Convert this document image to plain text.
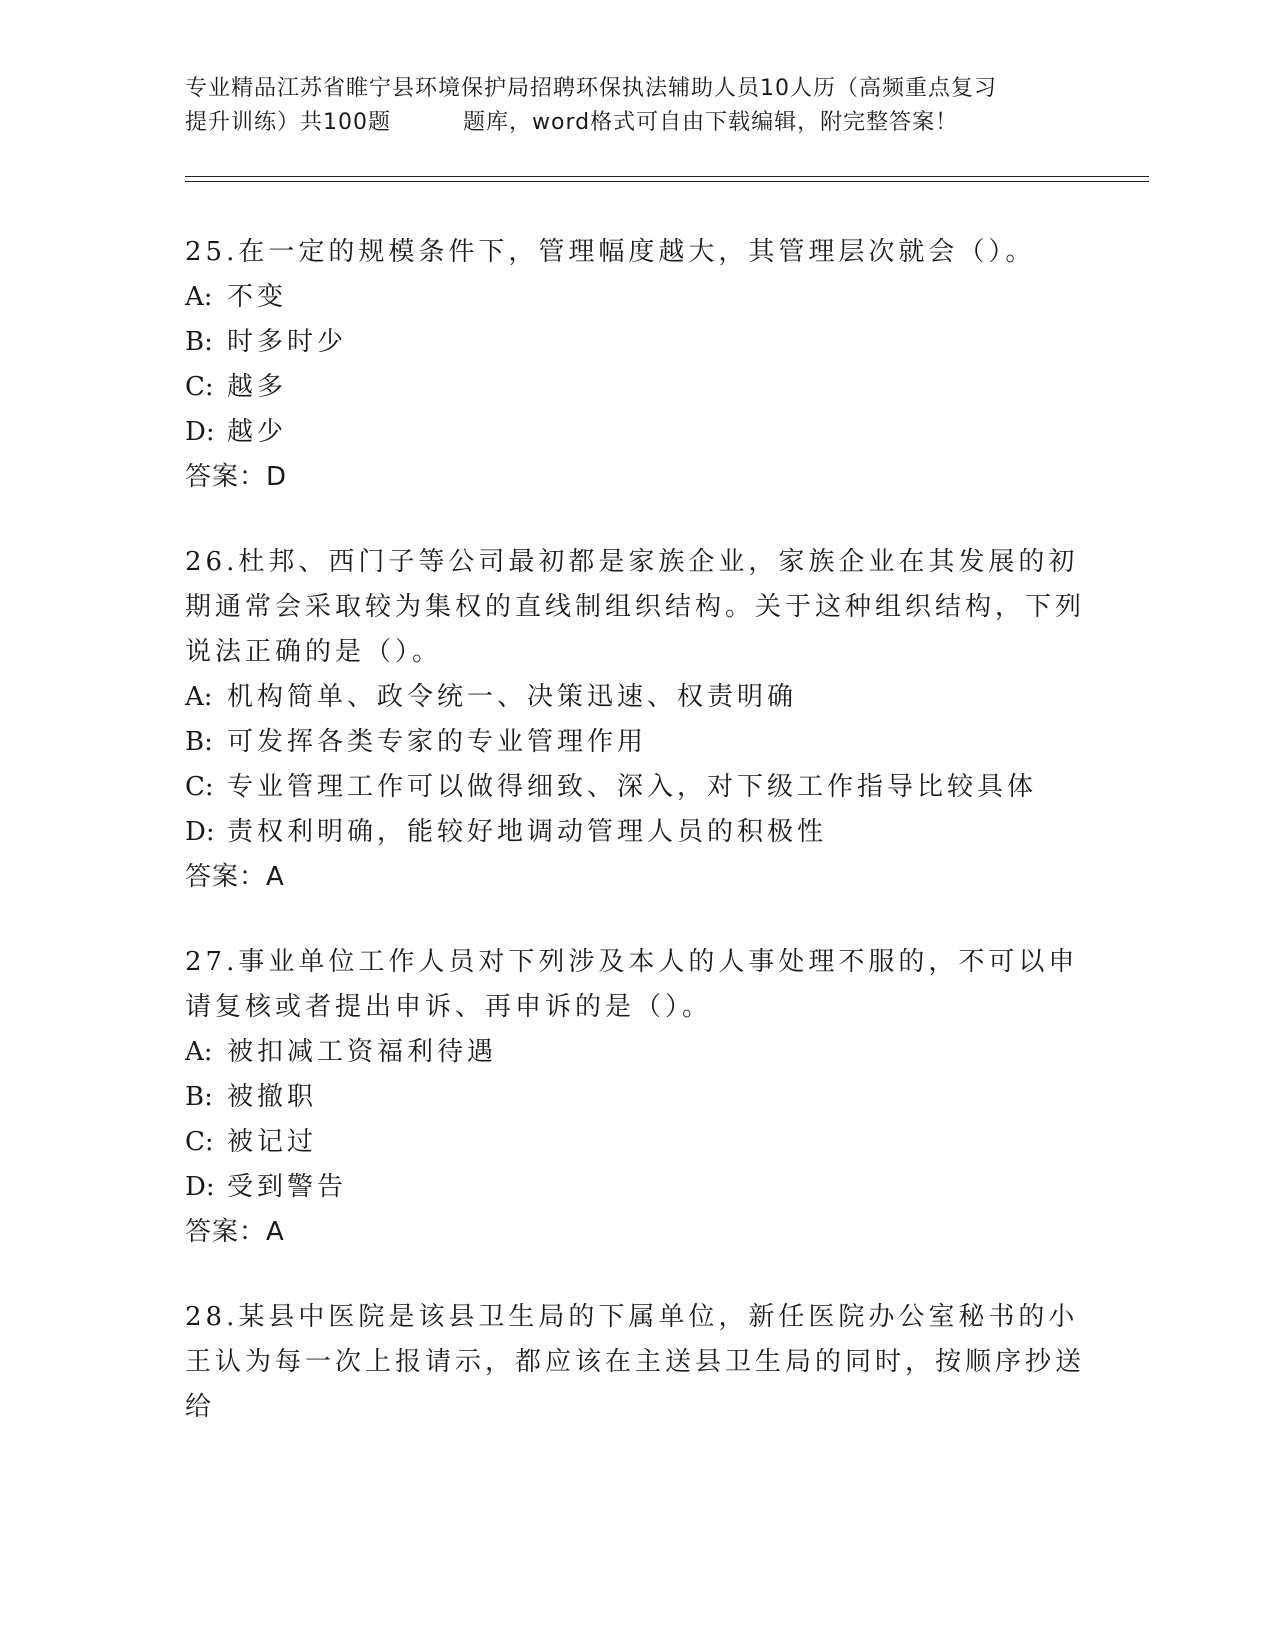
专业精品江苏省睢宁县环境保护局招聘环保执法辅助人员10人历（高频重点复习
提升训练）共100题	题库，word格式可自由下载编辑，附完整答案！
25.在一定的规模条件下，管理幅度越大，其管理层次就会（）。
A: 不变
B: 时多时少
C: 越多
D: 越少
答案：D
26.杜邦、西门子等公司最初都是家族企业，家族企业在其发展的初期通常会采取较为集权的直线制组织结构。关于这种组织结构，下列说法正确的是（）。
A: 机构简单、政令统一、决策迅速、权责明确
B: 可发挥各类专家的专业管理作用
C: 专业管理工作可以做得细致、深入，对下级工作指导比较具体
D: 责权利明确，能较好地调动管理人员的积极性
答案：A
27.事业单位工作人员对下列涉及本人的人事处理不服的，不可以申请复核或者提出申诉、再申诉的是（）。
A: 被扣减工资福利待遇
B: 被撤职
C: 被记过
D: 受到警告
答案：A
28.某县中医院是该县卫生局的下属单位，新任医院办公室秘书的小王认为每一次上报请示，都应该在主送县卫生局的同时，按顺序抄送给
